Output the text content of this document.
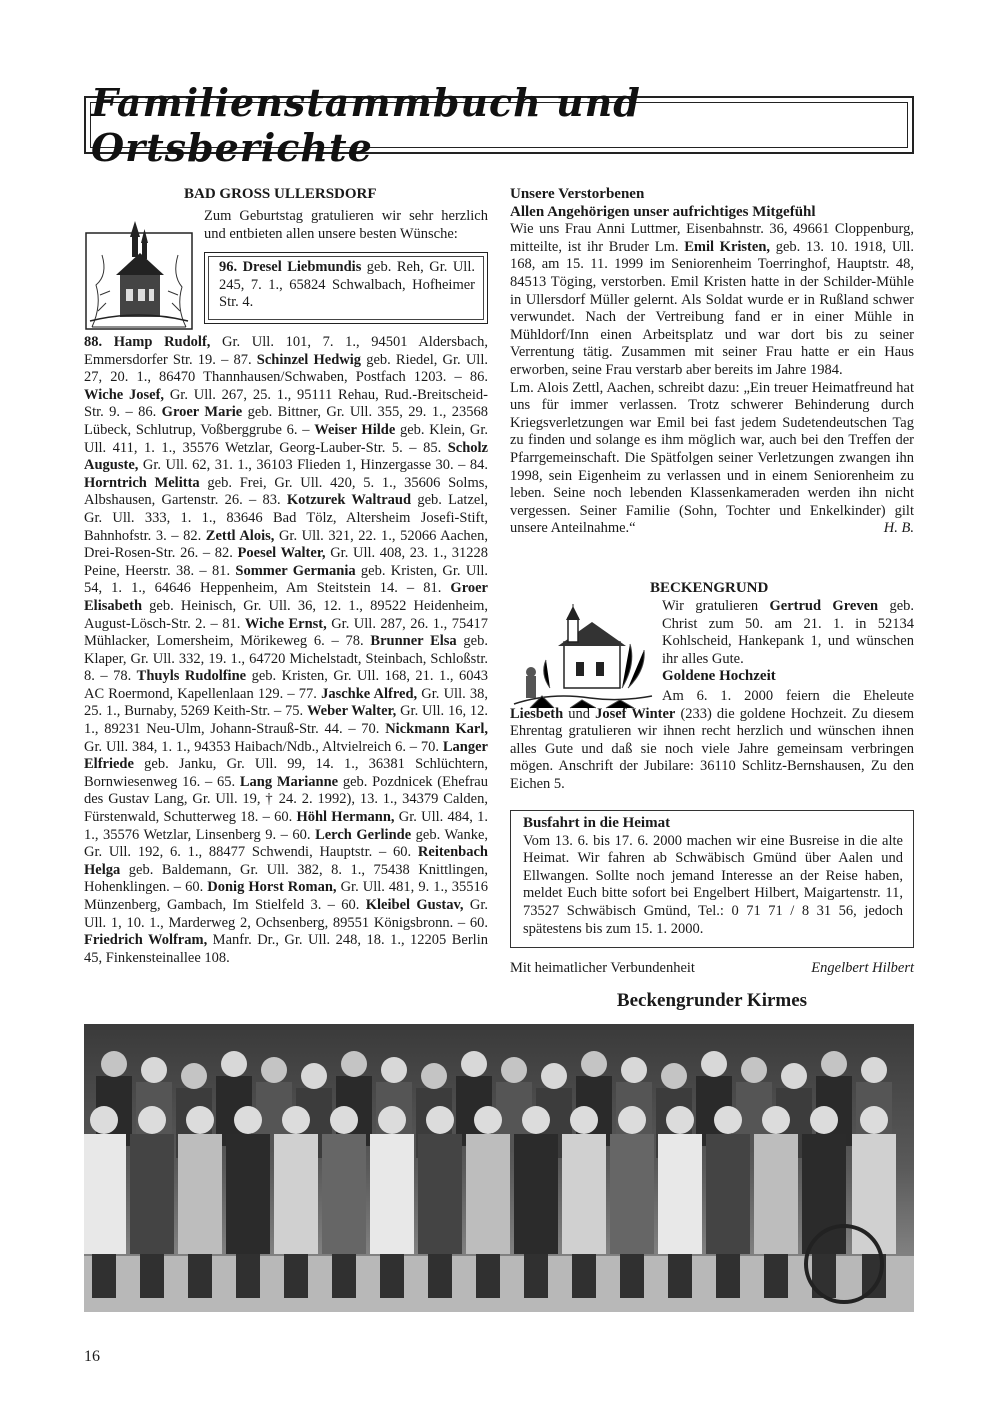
Familienstammbuch und Ortsberichte
BAD GROSS ULLERSDORF

Zum Geburtstag gratulieren wir sehr herzlich und entbieten allen unsere besten Wünsche:

96. Dresel Liebmundis geb. Reh, Gr. Ull. 245, 7. 1., 65824 Schwalbach, Hofheimer Str. 4.

88. Hamp Rudolf, Gr. Ull. 101, 7. 1., 94501 Aldersbach, Emmersdorfer Str. 19. – 87. Schinzel Hedwig geb. Riedel, Gr. Ull. 27, 20. 1., 86470 Thannhausen/Schwaben, Postfach 1203. – 86. Wiche Josef, Gr. Ull. 267, 25. 1., 95111 Rehau, Rud.-Breitscheid-Str. 9. – 86. Groer Marie geb. Bittner, Gr. Ull. 355, 29. 1., 23568 Lübeck, Schlutrup, Voßberggrube 6. – Weiser Hilde geb. Klein, Gr. Ull. 411, 1. 1., 35576 Wetzlar, Georg-Lauber-Str. 5. – 85. Scholz Auguste, Gr. Ull. 62, 31. 1., 36103 Flieden 1, Hinzergasse 30. – 84. Horntrich Melitta geb. Frei, Gr. Ull. 420, 5. 1., 35606 Solms, Albshausen, Gartenstr. 26. – 83. Kotzurek Waltraud geb. Latzel, Gr. Ull. 333, 1. 1., 83646 Bad Tölz, Altersheim Josefi-Stift, Bahnhofstr. 3. – 82. Zettl Alois, Gr. Ull. 321, 22. 1., 52066 Aachen, Drei-Rosen-Str. 26. – 82. Poesel Walter, Gr. Ull. 408, 23. 1., 31228 Peine, Heerstr. 38. – 81. Sommer Germania geb. Kristen, Gr. Ull. 54, 1. 1., 64646 Heppenheim, Am Steitstein 14. – 81. Groer Elisabeth geb. Heinisch, Gr. Ull. 36, 12. 1., 89522 Heidenheim, August-Lösch-Str. 2. – 81. Wiche Ernst, Gr. Ull. 287, 26. 1., 75417 Mühlacker, Lomersheim, Mörikeweg 6. – 78. Brunner Elsa geb. Klaper, Gr. Ull. 332, 19. 1., 64720 Michelstadt, Steinbach, Schloßstr. 8. – 78. Thuyls Rudolfine geb. Kristen, Gr. Ull. 168, 21. 1., 6043 AC Roermond, Kapellenlaan 129. – 77. Jaschke Alfred, Gr. Ull. 38, 25. 1., Burnaby, 5269 Keith-Str. – 75. Weber Walter, Gr. Ull. 16, 12. 1., 89231 Neu-Ulm, Johann-Strauß-Str. 44. – 70. Nickmann Karl, Gr. Ull. 384, 1. 1., 94353 Haibach/Ndb., Altvielreich 6. – 70. Langer Elfriede geb. Janku, Gr. Ull. 99, 14. 1., 36381 Schlüchtern, Bornwiesenweg 16. – 65. Lang Marianne geb. Pozdnicek (Ehefrau des Gustav Lang, Gr. Ull. 19, † 24. 2. 1992), 13. 1., 34379 Calden, Fürstenwald, Schutterweg 18. – 60. Höhl Hermann, Gr. Ull. 484, 1. 1., 35576 Wetzlar, Linsenberg 9. – 60. Lerch Gerlinde geb. Wanke, Gr. Ull. 192, 6. 1., 88477 Schwendi, Hauptstr. – 60. Reitenbach Helga geb. Baldemann, Gr. Ull. 382, 8. 1., 75438 Knittlingen, Hohenklingen. – 60. Donig Horst Roman, Gr. Ull. 481, 9. 1., 35516 Münzenberg, Gambach, Im Stielfeld 3. – 60. Kleibel Gustav, Gr. Ull. 1, 10. 1., Marderweg 2, Ochsenberg, 89551 Königsbronn. – 60. Friedrich Wolfram, Manfr. Dr., Gr. Ull. 248, 18. 1., 12205 Berlin 45, Finkensteinallee 108.

Unsere Verstorbenen
Allen Angehörigen unser aufrichtiges Mitgefühl

Wie uns Frau Anni Luttmer, Eisenbahnstr. 36, 49661 Cloppenburg, mitteilte, ist ihr Bruder Lm. Emil Kristen, geb. 13. 10. 1918, Ull. 168, am 15. 11. 1999 im Seniorenheim Toerringhof, Hauptstr. 48, 84513 Töging, verstorben. Emil Kristen hatte in der Schilder-Mühle in Ullersdorf Müller gelernt. Als Soldat wurde er in Rußland schwer verwundet. Nach der Vertreibung fand er in einer Mühle in Mühldorf/Inn einen Arbeitsplatz und war dort bis zu seiner Verrentung tätig. Zusammen mit seiner Frau hatte er ein Haus erworben, seine Frau verstarb aber bereits im Jahre 1984.

Lm. Alois Zettl, Aachen, schreibt dazu: „Ein treuer Heimatfreund hat uns für immer verlassen. Trotz schwerer Behinderung durch Kriegsverletzungen war Emil bei fast jedem Sudetendeutschen Tag zu finden und solange es ihm möglich war, auch bei den Treffen der Pfarrgemeinschaft. Die Spätfolgen seiner Verletzungen zwangen ihn 1998, sein Eigenheim zu verlassen und in einem Seniorenheim zu leben. Seine noch lebenden Klassenkameraden werden ihn nicht vergessen. Seiner Familie (Sohn, Tochter und Enkelkinder) gilt unsere Anteilnahme.“	H. B.

BECKENGRUND

Wir gratulieren Gertrud Greven geb. Christ zum 50. am 21. 1. in 52134 Kohlscheid, Hankepank 1, und wünschen ihr alles Gute.

Goldene Hochzeit

Am 6. 1. 2000 feiern die Eheleute Liesbeth und Josef Winter (233) die goldene Hochzeit. Zu diesem Ehrentag gratulieren wir ihnen recht herzlich und wünschen ihnen alles Gute und daß sie noch viele Jahre gemeinsam verbringen mögen. Anschrift der Jubilare: 36110 Schlitz-Bernshausen, Zu den Eichen 5.

Busfahrt in die Heimat

Vom 13. 6. bis 17. 6. 2000 machen wir eine Busreise in die alte Heimat. Wir fahren ab Schwäbisch Gmünd über Aalen und Ellwangen. Sollte noch jemand Interesse an der Reise haben, meldet Euch bitte sofort bei Engelbert Hilbert, Maigartenstr. 11, 73527 Schwäbisch Gmünd, Tel.: 0 71 71 / 8 31 56, jedoch spätestens bis zum 15. 1. 2000.

Mit heimatlicher Verbundenheit	Engelbert Hilbert
Beckengrunder Kirmes
16
